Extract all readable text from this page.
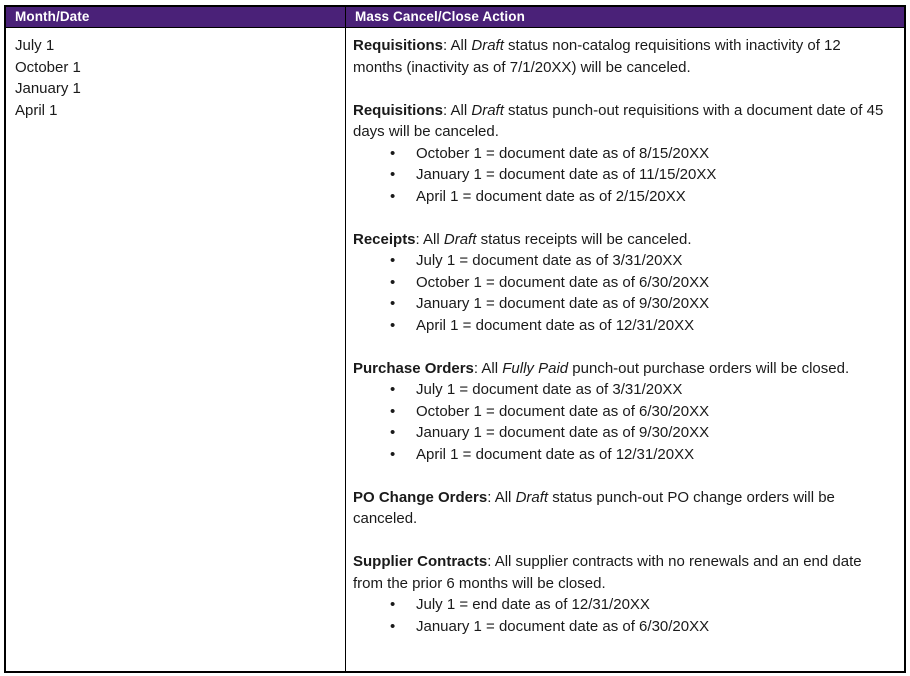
Month/Date	Mass Cancel/Close Action
July 1
October 1
January 1
April 1

Requisitions: All Draft status non-catalog requisitions with inactivity of 12 months (inactivity as of 7/1/20XX) will be canceled.

Requisitions: All Draft status punch-out requisitions with a document date of 45 days will be canceled.

• October 1 = document date as of 8/15/20XX
• January 1 = document date as of 11/15/20XX
• April 1 = document date as of 2/15/20XX

Receipts: All Draft status receipts will be canceled.

• July 1 = document date as of 3/31/20XX
• October 1 = document date as of 6/30/20XX
• January 1 = document date as of 9/30/20XX
• April 1 = document date as of 12/31/20XX

Purchase Orders: All Fully Paid punch-out purchase orders will be closed.

• July 1 = document date as of 3/31/20XX
• October 1 = document date as of 6/30/20XX
• January 1 = document date as of 9/30/20XX
• April 1 = document date as of 12/31/20XX

PO Change Orders: All Draft status punch-out PO change orders will be canceled.

Supplier Contracts: All supplier contracts with no renewals and an end date from the prior 6 months will be closed.

• July 1 = end date as of 12/31/20XX
• January 1 = document date as of 6/30/20XX
